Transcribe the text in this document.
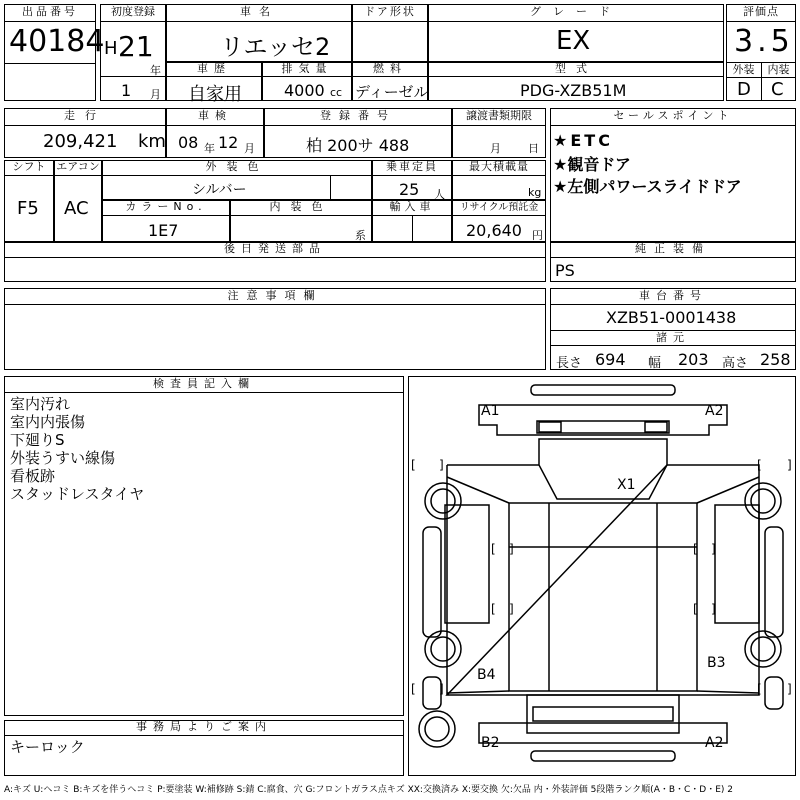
出品番号
40184
初度登録
H 21
年
1 月
車名
リエッセ2
ドア形状	グレード
EX
評価点
3.5
外装	内装
D C
車歴
自家用
排気量
4000 cc
燃料
ディーゼル
型式
PDG-XZB51M
走行
209,421 km
車検
08 年 12 月
登録番号
柏 200サ 488
譲渡書類期限
月 日
セールスポイント
★ETC
★観音ドア
★左側パワースライドドア
シフト
F5
エアコン
AC
外装色
シルバー
乗車定員
25 人
最大積載量
kg
カラーNo.
1E7
内装色
系
輸入車	リサイクル預託金
20,640 円
後日発送部品	純正装備
PS
注意事項欄	車台番号
XZB51-0001438
諸元
長さ 694 幅 203 高さ 258
検査員記入欄
室内汚れ
室内内張傷
下廻りS
外装うすい線傷
看板跡
スタッドレスタイヤ
事務局よりご案内
キーロック
[ ]	[ ]
[ ]	[ ]
[ ]
[ ]
[ ]
[ ]
A1	A2
X1
B4
B3
B2	A2
A:キズ U:ヘコミ B:キズを伴うヘコミ P:要塗装 W:補修跡 S:錆 C:腐食、穴 G:フロントガラス点キズ XX:交換済み X:要交換 欠:欠品 内・外装評価 5段階ランク順(A・B・C・D・E) 2
